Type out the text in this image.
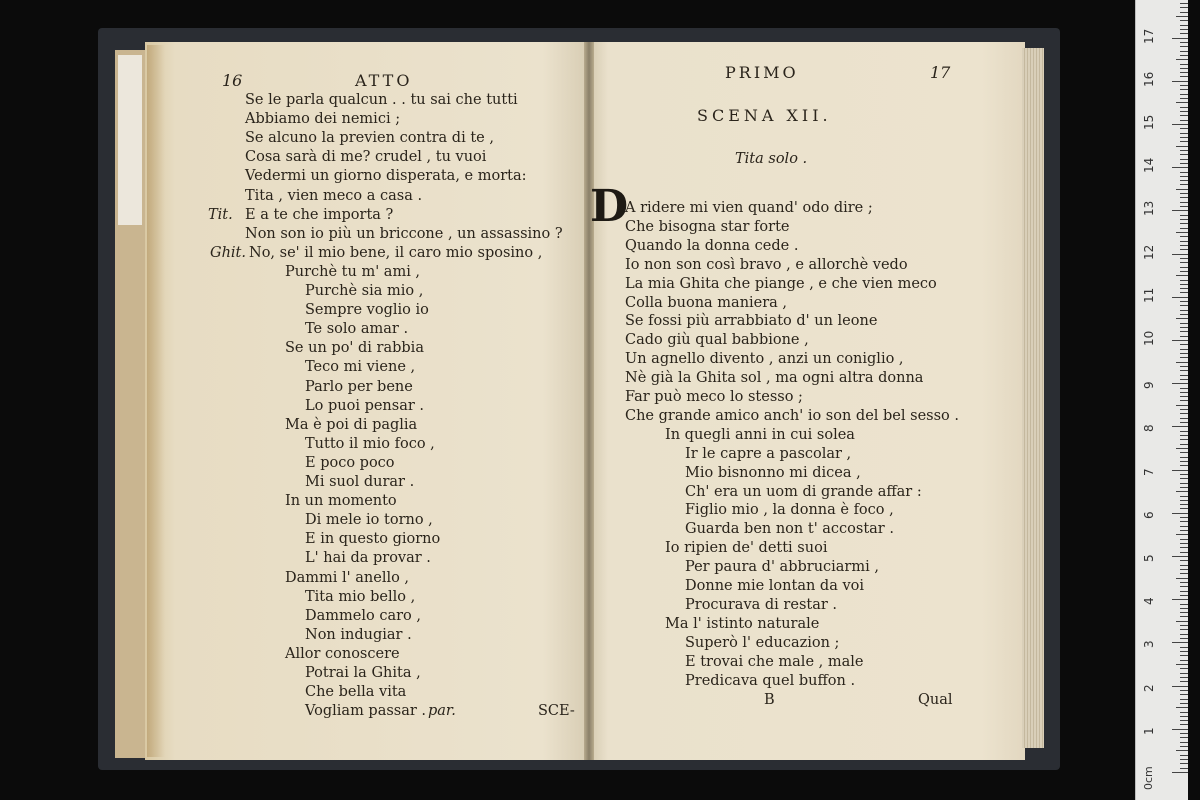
16	ATTO
Se le parla qualcun . . tu sai che tutti
Abbiamo dei nemici ;
Se alcuno la previen contra di te ,
Cosa sarà di me? crudel , tu vuoi
Vedermi un giorno disperata, e morta:
Tita , vien meco a casa .
Tit. E a te che importa ?
Non son io più un briccone , un assassino ?
Ghit. No, se' il mio bene, il caro mio sposino ,
Purchè tu m' ami ,
Purchè sia mio ,
Sempre voglio io
Te solo amar .
Se un po' di rabbia
Teco mi viene ,
Parlo per bene
Lo puoi pensar .
Ma è poi di paglia
Tutto il mio foco ,
E poco poco
Mi suol durar .
In un momento
Di mele io torno ,
E in questo giorno
L' hai da provar .
Dammi l' anello ,
Tita mio bello ,
Dammelo caro ,
Non indugiar .
Allor conoscere
Potrai la Ghita ,
Che bella vita
Vogliam passar . par.	SCE-
PRIMO	17
SCENA XII.
Tita solo .
D
A ridere mi vien quand' odo dire ;
Che bisogna star forte
Quando la donna cede .
Io non son così bravo , e allorchè vedo
La mia Ghita che piange , e che vien meco
Colla buona maniera ,
Se fossi più arrabbiato d' un leone
Cado giù qual babbione ,
Un agnello divento , anzi un coniglio ,
Nè già la Ghita sol , ma ogni altra donna
Far può meco lo stesso ;
Che grande amico anch' io son del bel sesso .
In quegli anni in cui solea
Ir le capre a pascolar ,
Mio bisnonno mi dicea ,
Ch' era un uom di grande affar :
Figlio mio , la donna è foco ,
Guarda ben non t' accostar .
Io ripien de' detti suoi
Per paura d' abbruciarmi ,
Donne mie lontan da voi
Procurava di restar .
Ma l' istinto naturale
Superò l' educazion ;
E trovai che male , male
Predicava quel buffon .
B	Qual
0cm
1
2
3
4
5
6
7
8
9
10
11
12
13
14
15
16
17
